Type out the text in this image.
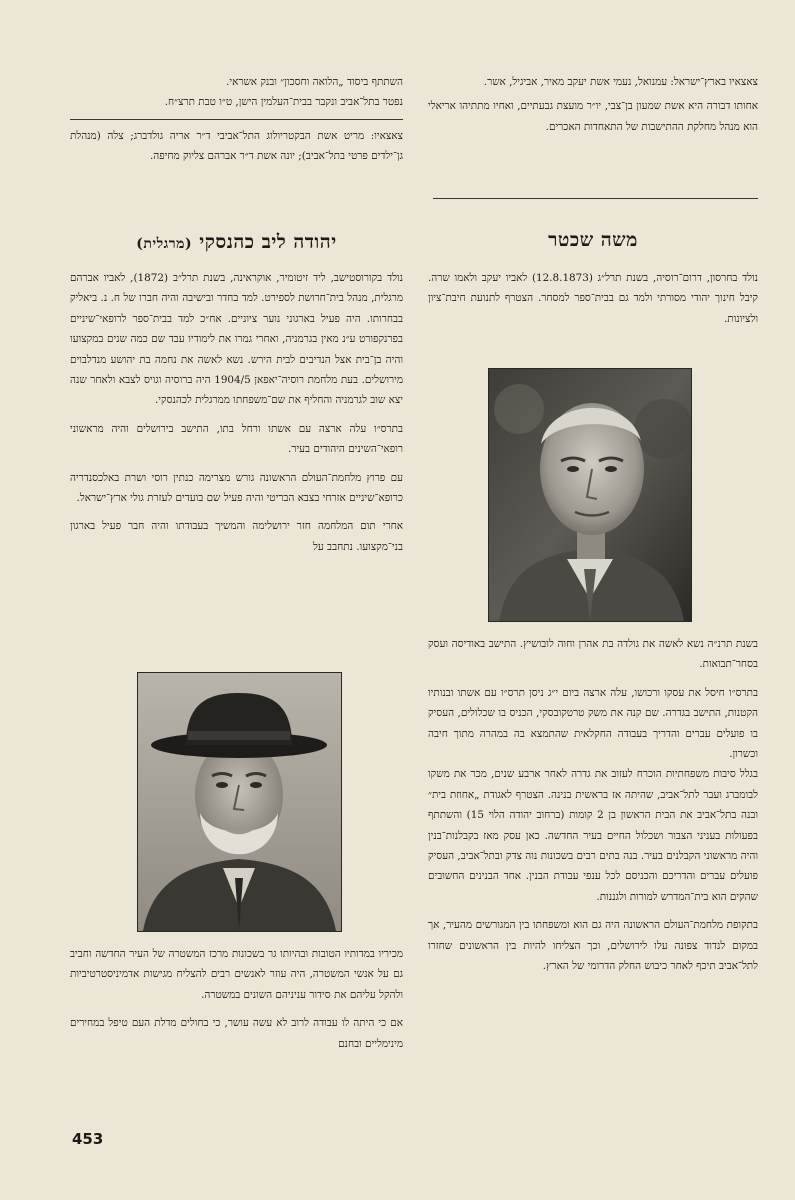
צאצאיו בארץ־ישראל: עמנואל, נעמי אשת יעקב מאיר, אביגיל, אשר.

אחותו דבורה היא אשת שמעון בן־צבי, יו״ר מועצת גבעתיים, ואחיו מתתיהו אריאלי הוא מנהל מחלקת ההתישבות של התאחדות האכרים.

משה שכטר

נולד בחרסון, דרום־רוסיה, בשנת תרל״ג (12.8.1873) לאביו יעקב ולאמו שרה. קיבל חינוך יהודי מסורתי ולמד גם בבית־ספר למסחר. הצטרף לתנועת חיבת־ציון ולציונות.

בשנת תרנ״ה נשא לאשה את גולדה בת אהרן וחוה לובושיץ. התישב באודיסה ועסק בסחר־תבואות.

בתרס״ו חיסל את עסקו ורכושו, עלה ארצה ביום י״ג ניסן תרס״ו עם אשתו ובנותיו הקטנות, התישב בגדרה. שם קנה את משק טרטקובסקי, הכניס בו שכלולים, העסיק בו פועלים עברים והדריך בעבודה החקלאית שהתמצא בה במהרה מתוך חיבה וכשרון.

בגלל סיבות משפחתיות הוכרח לעזוב את גדרה לאחר ארבע שנים, מכר את משקו לבומברג ועבר לתל־אביב, שהיתה אז בראשית בנינה. הצטרף לאגודת „אחוזת בית״ ובנה בתל־אביב את הבית הראשון בן 2 קומות (ברחוב יהודה הלוי 15) והשתתף בפעולות בעניני הצבור ושכלול החיים בעיר החדשה. כאן עסק מאז בקבלנות־בנין והיה מראשוני הקבלנים בעיר. בנה בתים רבים בשכונות נוה צדק ובתל־אביב, העסיק פועלים עברים והדריכם והכניסם לכל ענפי עבודת הבנין. אחד הבנינים החשובים שהקים הוא בית־המדרש למורות ולגננות.

בתקופת מלחמת־העולם הראשונה היה גם הוא ומשפחתו בין המגורשים מהעיר, אך במקום לנדוד צפונה עלו לירושלים, וכך הצליחו להיות בין הראשונים שחזרו לתל־אביב תיכף לאחר כיבוש החלק הדרומי של הארץ.

השתתף ביסוד „הלואה וחסכון״ ובנק אשראי.

נפטר בתל־אביב ונקבר בבית־העלמין הישן, ט״ו טבת תרצ״ח.

צאצאיו: מריט אשת הבקטריולוג התל־אביבי ד״ר אריה גולדברג; צלה (מנהלת גן־ילדים פרטי בתל־אביב); יונה אשת ד״ר אברהם צליוק מחיפה.

יהודה ליב כהנסקי (מרגלית)

נולד בקורוסטישב, ליד זיטומיר, אוקראינה, בשנת תרל״ב (1872), לאביו אברהם מרגלית, מנהל בית־חרושת לספירט. למד בחדר ובישיבה והיה חברו של ח. נ. ביאליק בבחרותו. היה פעיל בארגוני נוער ציוניים. אח״כ למד בבית־ספר לרופאי־שיניים בפרנקפורט ע״נ מאין בגרמניה, ואחרי גמרו את לימודיו עבד שם כמה שנים במקצועו והיה בן־בית אצל הנדיבים לבית הירש. נשא לאשה את נחמה בת יהושע מנדלבוים מירושלים. בעת מלחמת רוסיה־יאפאן 1904/5 היה ברוסיה וגויס לצבא ולאחר שנה יצא שוב לגרמניה והחליף את שם־משפחתו ממרגלית לכהנסקי.

בתרס״ו עלה ארצה עם אשתו ורחל בתו, התישב בירושלים והיה מראשוני רופאי־השינים היהודים בעיר.

עם פרוץ מלחמת־העולם הראשונה גורש מצרימה כנתין רוסי ושרת באלכסנדריה כרופא־שיניים אזרחי בצבא הבריטי והיה פעיל שם בועדים לעזרת גולי ארץ־ישראל.

אחרי תום המלחמה חזר ירושלימה והמשיך בעבודתו והיה חבר פעיל בארגון בני־מקצועו. נתחבב על

מכיריו במדותיו הטובות ובהיותו גר בשכונות מרכז המשטרה של העיר החדשה וחביב גם על אנשי המשטרה, היה עוזר לאנשים רבים להצליח מגישות אדמיניסטרטיביות ולהקל עליהם את סידור עניניהם השונים במשטרה.

אם כי היתה לו עבודה לרוב לא עשה עושר, כי בחולים מדלת העם טיפל במחירים מינימליים ובחנם

453
